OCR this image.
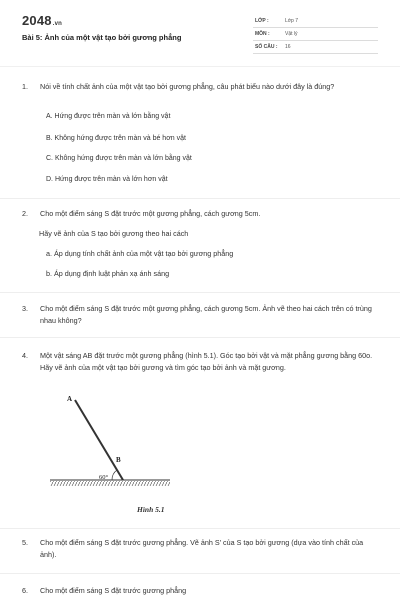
2048.vn
Bài 5: Ảnh của một vật tạo bởi gương phẳng
LỚP :	Lớp 7
MÔN :	Vật lý
SỐ CÂU : 16
1. Nói về tính chất ảnh của một vật tạo bởi gương phẳng, câu phát biểu nào dưới đây là đúng?
A. Hứng được trên màn và lớn bằng vật
B. Không hứng được trên màn và bé hơn vật
C. Không hứng được trên màn và lớn bằng vật
D. Hứng được trên màn và lớn hơn vật
2. Cho một điểm sáng S đặt trước một gương phẳng, cách gương 5cm.
Hãy vẽ ảnh của S tạo bởi gương theo hai cách
a. Áp dụng tính chất ảnh của một vật tạo bởi gương phẳng
b. Áp dụng định luật phản xạ ánh sáng
3. Cho một điểm sáng S đặt trước một gương phẳng, cách gương 5cm. Ảnh vẽ theo hai cách trên có trùng nhau không?
4. Một vật sáng AB đặt trước một gương phẳng (hình 5.1). Góc tạo bởi vật và mặt phẳng gương bằng 60o. Hãy vẽ ảnh của một vật tạo bởi gương và tìm góc tạo bởi ảnh và mặt gương.
A
B
60°
Hình 5.1
5. Cho một điểm sáng S đặt trước gương phẳng. Vẽ ảnh S' của S tạo bởi gương (dựa vào tính chất của ảnh).
6. Cho một điểm sáng S đặt trước gương phẳng
